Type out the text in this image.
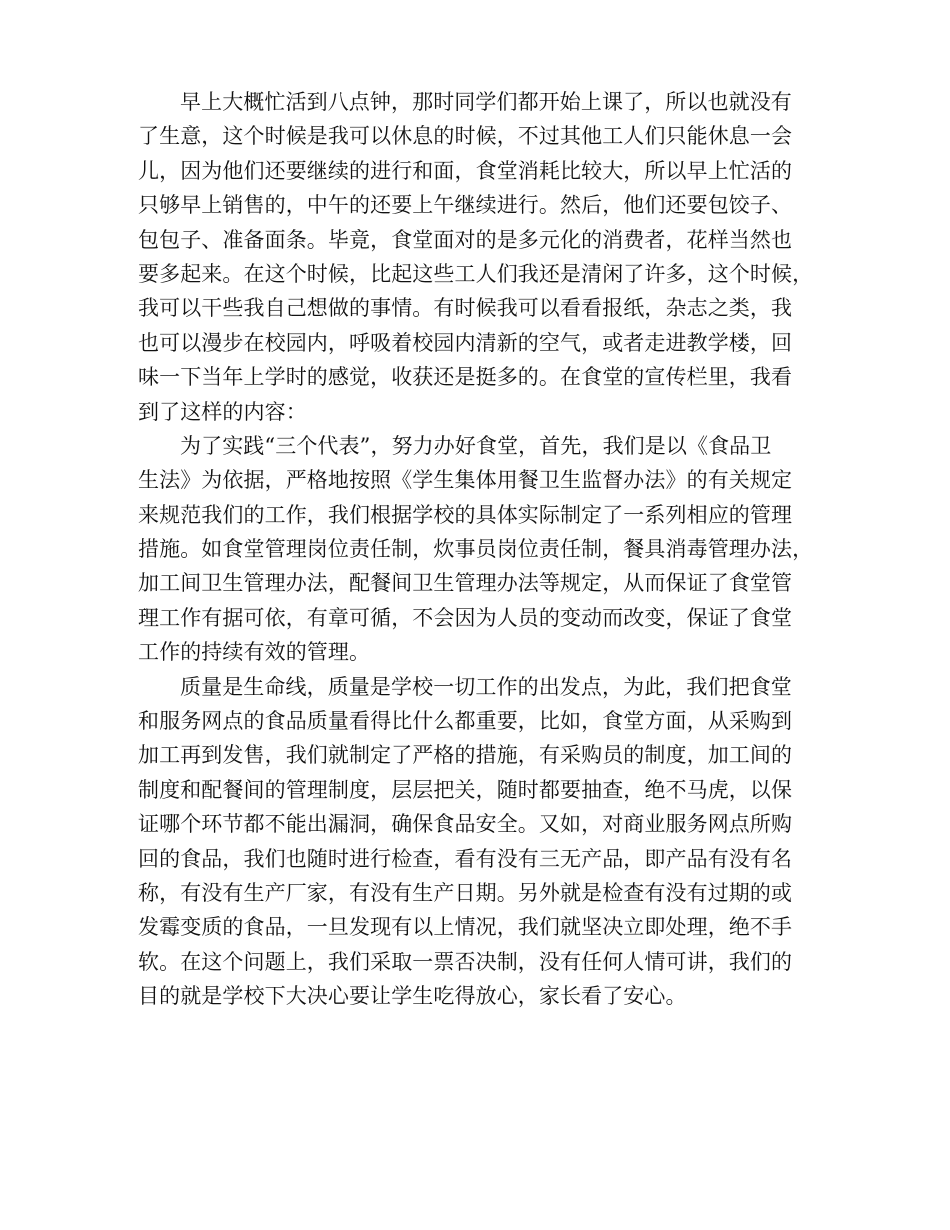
早上大概忙活到八点钟，那时同学们都开始上课了，所以也就没有
了生意，这个时候是我可以休息的时候，不过其他工人们只能休息一会
儿，因为他们还要继续的进行和面，食堂消耗比较大，所以早上忙活的
只够早上销售的，中午的还要上午继续进行。然后，他们还要包饺子、
包包子、准备面条。毕竟，食堂面对的是多元化的消费者，花样当然也
要多起来。在这个时候，比起这些工人们我还是清闲了许多，这个时候，
我可以干些我自己想做的事情。有时候我可以看看报纸，杂志之类，我
也可以漫步在校园内，呼吸着校园内清新的空气，或者走进教学楼，回
味一下当年上学时的感觉，收获还是挺多的。在食堂的宣传栏里，我看
到了这样的内容：

为了实践“三个代表”，努力办好食堂，首先，我们是以《食品卫
生法》为依据，严格地按照《学生集体用餐卫生监督办法》的有关规定
来规范我们的工作，我们根据学校的具体实际制定了一系列相应的管理
措施。如食堂管理岗位责任制，炊事员岗位责任制，餐具消毒管理办法，
加工间卫生管理办法，配餐间卫生管理办法等规定，从而保证了食堂管
理工作有据可依，有章可循，不会因为人员的变动而改变，保证了食堂
工作的持续有效的管理。

质量是生命线，质量是学校一切工作的出发点，为此，我们把食堂
和服务网点的食品质量看得比什么都重要，比如，食堂方面，从采购到
加工再到发售，我们就制定了严格的措施，有采购员的制度，加工间的
制度和配餐间的管理制度，层层把关，随时都要抽查，绝不马虎，以保
证哪个环节都不能出漏洞，确保食品安全。又如，对商业服务网点所购
回的食品，我们也随时进行检查，看有没有三无产品，即产品有没有名
称，有没有生产厂家，有没有生产日期。另外就是检查有没有过期的或
发霉变质的食品，一旦发现有以上情况，我们就坚决立即处理，绝不手
软。在这个问题上，我们采取一票否决制，没有任何人情可讲，我们的
目的就是学校下大决心要让学生吃得放心，家长看了安心。
